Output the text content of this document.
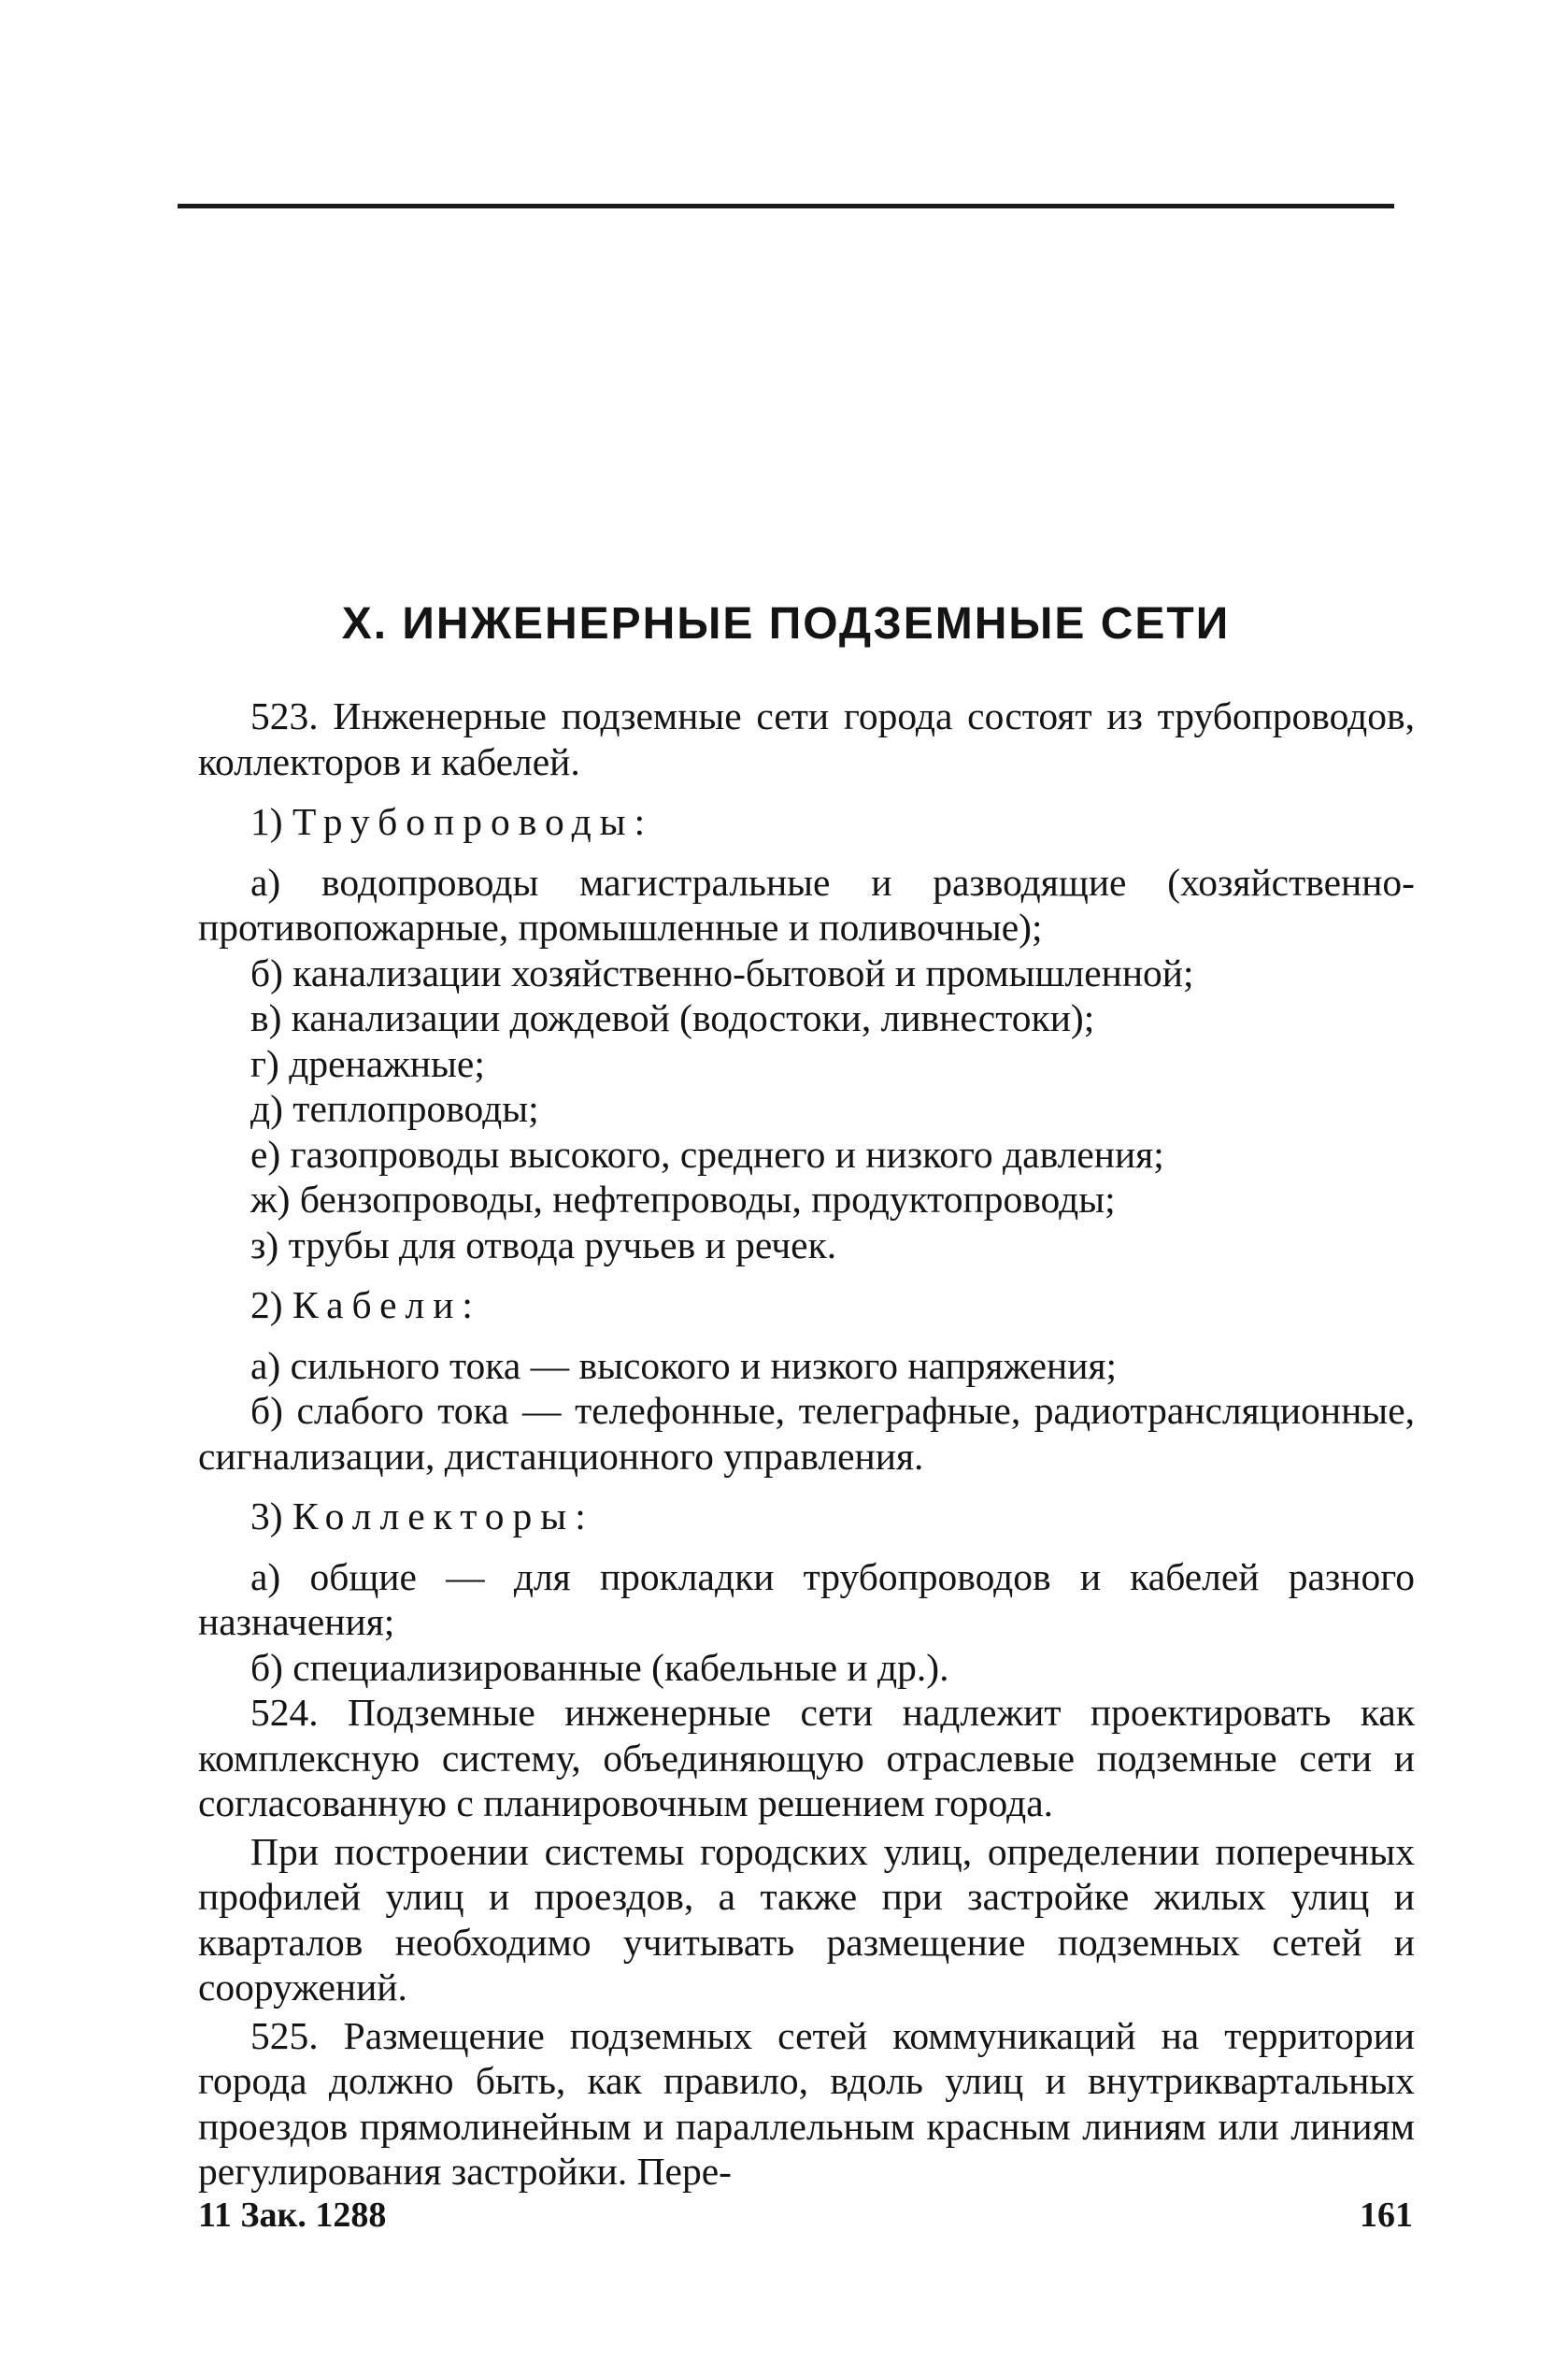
X. ИНЖЕНЕРНЫЕ ПОДЗЕМНЫЕ СЕТИ

523. Инженерные подземные сети города состоят из трубопроводов, коллекторов и кабелей.

1) Трубопроводы:

а) водопроводы магистральные и разводящие (хозяйственно-противопожарные, промышленные и поливочные);

б) канализации хозяйственно-бытовой и промышленной;

в) канализации дождевой (водостоки, ливнестоки);

г) дренажные;

д) теплопроводы;

е) газопроводы высокого, среднего и низкого давления;

ж) бензопроводы, нефтепроводы, продуктопроводы;

з) трубы для отвода ручьев и речек.

2) Кабели:

а) сильного тока — высокого и низкого напряжения;

б) слабого тока — телефонные, телеграфные, радиотрансляционные, сигнализации, дистанционного управления.

3) Коллекторы:

а) общие — для прокладки трубопроводов и кабелей разного назначения;

б) специализированные (кабельные и др.).

524. Подземные инженерные сети надлежит проектировать как комплексную систему, объединяющую отраслевые подземные сети и согласованную с планировочным решением города.

При построении системы городских улиц, определении поперечных профилей улиц и проездов, а также при застройке жилых улиц и кварталов необходимо учитывать размещение подземных сетей и сооружений.

525. Размещение подземных сетей коммуникаций на территории города должно быть, как правило, вдоль улиц и внутриквартальных проездов прямолинейным и параллельным красным линиям или линиям регулирования застройки. Пере-

11 Зак. 1288	161
